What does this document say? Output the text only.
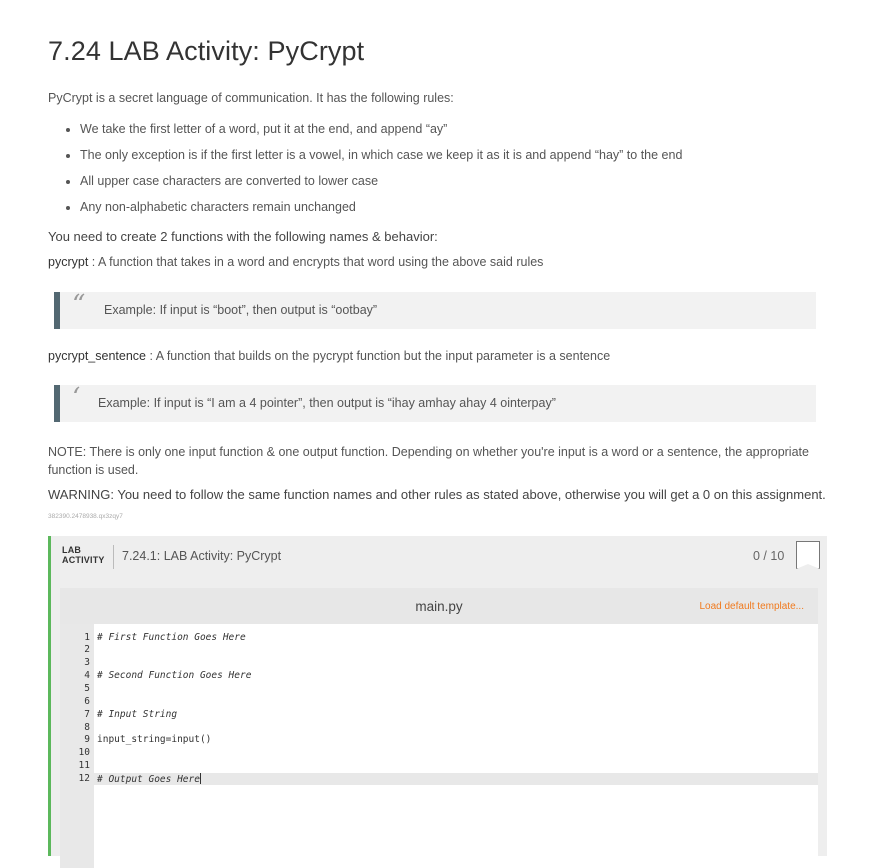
7.24 LAB Activity: PyCrypt
PyCrypt is a secret language of communication. It has the following rules:
• We take the first letter of a word, put it at the end, and append “ay”
• The only exception is if the first letter is a vowel, in which case we keep it as it is and append “hay” to the end
• All upper case characters are converted to lower case
• Any non-alphabetic characters remain unchanged
You need to create 2 functions with the following names & behavior:
pycrypt : A function that takes in a word and encrypts that word using the above said rules
“ Example: If input is “boot”, then output is “ootbay”
pycrypt_sentence : A function that builds on the pycrypt function but the input parameter is a sentence
‘ Example: If input is “I am a 4 pointer”, then output is “ihay amhay ahay 4 ointerpay”
NOTE: There is only one input function & one output function. Depending on whether you're input is a word or a sentence, the appropriate function is used.
WARNING: You need to follow the same function names and other rules as stated above, otherwise you will get a 0 on this assignment.
382390.2478938.qx3zqy7
LAB
ACTIVITY 7.24.1: LAB Activity: PyCrypt	0 / 10
main.py	Load default template...
1 # First Function Goes Here
2
3
4 # Second Function Goes Here
5
6
7 # Input String
8
9 input_string=input()
10
11
12 # Output Goes Here
